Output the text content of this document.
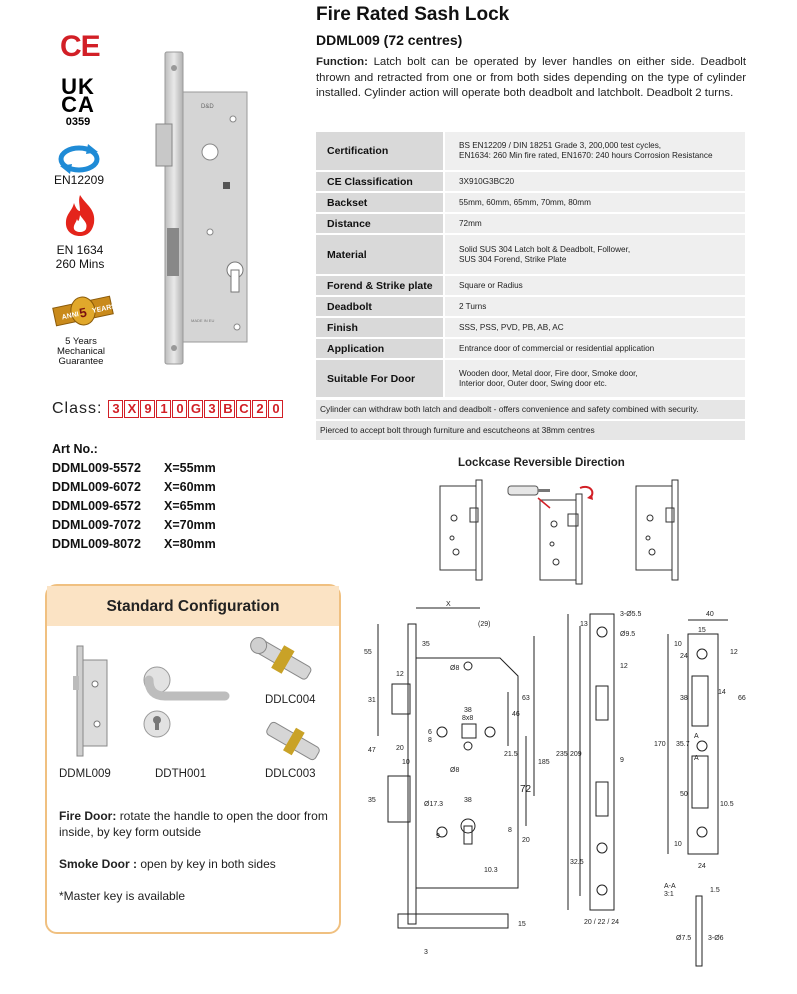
CE
UK
CA
0359
EN12209
EN 1634
260 Mins
ANNI
5 YEARS
5 Years
Mechanical
Guarantee
D&D
MADE IN EU
Class: 3 X 9 1 0 G 3 B C 2 0
Art No.:
DDML009-5572	X=55mm
DDML009-6072	X=60mm
DDML009-6572	X=65mm
DDML009-7072	X=70mm
DDML009-8072	X=80mm
Fire Rated Sash Lock
DDML009 (72 centres)
Function: Latch bolt can be operated by lever handles on either side. Deadbolt thrown and retracted from one or from both sides depending on the type of cylinder installed. Cylinder action will operate both deadbolt and latchbolt. Deadbolt 2 turns.
Certification	BS EN12209 / DIN 18251 Grade 3, 200,000 test cycles,
EN1634: 260 Min fire rated, EN1670: 240 hours Corrosion Resistance
CE Classification	3X910G3BC20
Backset	55mm, 60mm, 65mm, 70mm, 80mm
Distance	72mm
Material	Solid SUS 304 Latch bolt & Deadbolt, Follower,
SUS 304 Forend, Strike Plate
Forend & Strike plate	Square or Radius
Deadbolt	2 Turns
Finish	SSS, PSS, PVD, PB, AB, AC
Application	Entrance door of commercial or residential application
Suitable For Door	Wooden door, Metal door, Fire door, Smoke door,
Interior door, Outer door, Swing door etc.
Cylinder can withdraw both latch and deadbolt - offers convenience and safety combined with security.
Pierced to accept bolt through furniture and escutcheons at 38mm centres
Lockcase Reversible Direction
Standard Configuration
DDLC004
DDML009	DDTH001	DDLC003
Fire Door: rotate the handle to open the door from inside, by key form outside
Smoke Door : open by key in both sides
*Master key is available
X
(29)
35
55
12
31
47	20
10
35
Ø8
Ø8
38
8x8
6
8
46
63
21.5
185
72
38
Ø17.3
9
8
20
10.3
15
3
3-Ø5.5
Ø9.5
13
12
235 209
9
32.5
20 / 22 / 24
40
15
10
24
12
14
66
38
170 35.7
A
A
50
10.5
10
24
A-A
3:1
1.5
Ø7.5 3-Ø6
